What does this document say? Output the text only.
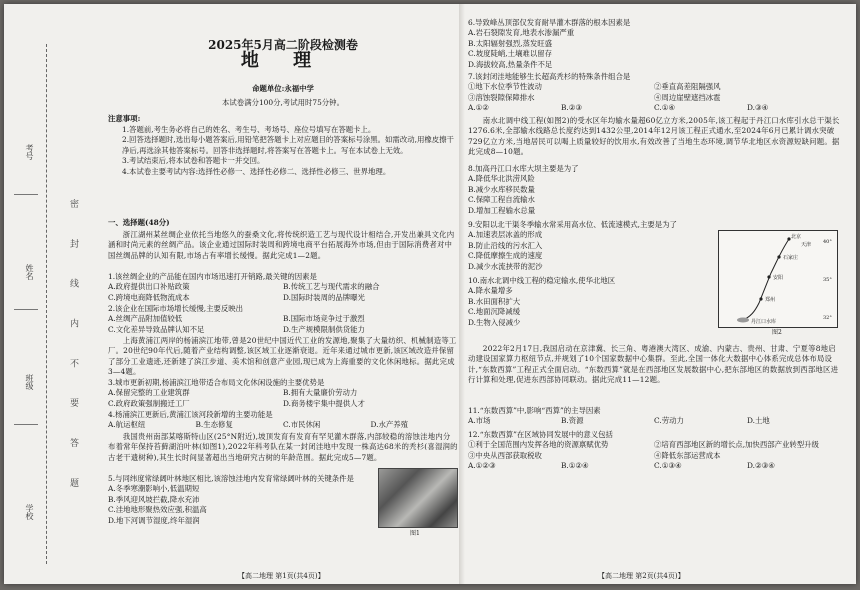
考号
姓名
班级
学校
密 封 线 内 不 要 答 题
2025年5月高二阶段检测卷
地 理
命题单位:永福中学
本试卷满分100分,考试用时75分钟。
注意事项:
1.答题前,考生务必将自己的姓名、考生号、考场号、座位号填写在答题卡上。
2.回答选择题时,选出每小题答案后,用铅笔把答题卡上对应题目的答案标号涂黑。如需改动,用橡皮擦干净后,再选涂其他答案标号。回答非选择题时,将答案写在答题卡上。写在本试卷上无效。
3.考试结束后,将本试卷和答题卡一并交回。
4.本试卷主要考试内容:选择性必修一、选择性必修二、选择性必修三、世界地理。
一、选择题(48分)
浙江湖州某丝绸企业依托当地悠久的蚕桑文化,将传统织造工艺与现代设计相结合,开发出兼具文化内涵和时尚元素的丝绸产品。该企业通过国际时装周和跨境电商平台拓展海外市场,但由于国际消费者对中国丝绸品牌的认知有限,市场占有率增长缓慢。据此完成1—2题。
1.该丝绸企业的产品能在国内市场迅速打开销路,最关键的因素是
A.政府提供出口补贴政策	B.传统工艺与现代需求的融合
C.跨境电商降低物流成本	D.国际时装周的品牌曝光
2.该企业在国际市场增长缓慢,主要反映出
A.丝绸产品附加值较低	B.国际市场竞争过于激烈
C.文化差异导致品牌认知不足	D.生产规模限制供货能力
上海黄浦江两岸的杨浦滨江地带,曾是20世纪中国近代工业的发源地,聚集了大量纺织、机械制造等工厂。20世纪90年代后,随着产业结构调整,该区域工业逐渐衰退。近年来通过城市更新,该区域改造并保留了部分工业遗迹,还新建了滨江步道、美术馆和创意产业园,现已成为上海重要的文化休闲地标。据此完成3—4题。
3.城市更新初期,杨浦滨江地带适合布局文化休闲设施的主要优势是
A.保留完整的工业建筑群	B.拥有大量廉价劳动力
C.政府政策强制搬迁工厂	D.商务楼宇集中提供人才
4.杨浦滨江更新后,黄浦江该河段新增的主要功能是
A.航运枢纽	B.生态修复	C.市民休闲	D.水产养殖
我国贵州南部某喀斯特山区(25°N附近),坡顶发育有发育有罕见灌木群落,内部较稳的溶蚀洼地内分布着常年保持苔藓湖泊叶林(如图1),2022年科考队在某一封闭洼地中发现一株高达68米的秃杉(喜湿润的古老干遗树种),其生长时间显著超出当地研究古树的年龄范围。据此完成5—7题。
5.与同纬度常绿阔叶林地区相比,该溶蚀洼地内发育常绿阔叶林的关键条件是
A.冬季寒潮影响小,低温期短
B.季风迎风坡拦截,降水充沛
C.洼地地形聚热效应强,积温高
D.地下河调节湿度,终年湿润
图1
【高二地理 第1页(共4页)】
6.导致峰丛顶部仅发育耐旱灌木群落的根本因素是
A.岩石裂隙发育,地表水渗漏严重
B.太阳辐射强烈,蒸发旺盛
C.坡度陡峭,土壤难以留存
D.海拔较高,热量条件不足
7.该封闭洼地能够生长超高秃杉的特殊条件组合是
①地下水位季节性波动	②垂直高差阻隔强风
③溶蚀裂隙保障排水	④周边崖壁遮挡冰雹
A.①②	B.②③	C.①④	D.③④
南水北调中线工程(如图2)的受水区年均输水量超60亿立方米,2005年,该工程起于丹江口水库引水总干渠长1276.6米,全部输水线路总长度约达到1432公里,2014年12月该工程正式通水,至2024年6月已累计调水突破729亿立方米,当地居民可以喝上质量较好的饮用水,有效改善了当地生态环境,调节华北地区水资源短缺问题。据此完成8—10题。
8.加高丹江口水库大坝主要是为了
A.降低华北洪涝风险
B.减少水库移民数量
C.保障工程自流输水
D.增加工程输水总量
9.安阳以北干渠冬季输水常采用高水位、低流速模式,主要是为了
A.加速表层冰盖的形成
B.防止沿线的污水汇入
C.降低摩擦生成的速度
D.减少水流挟带的泥沙
10.南水北调中线工程的稳定输水,使华北地区
A.降水量增多
B.水田面积扩大
C.地面沉降减缓
D.生物入侵减少
北京
天津
石家庄
安阳
郑州
丹江口水库
40°
35°
32°
图2
2022年2月17日,我国启动在京津冀、长三角、粤港澳大湾区、成渝、内蒙古、贵州、甘肃、宁夏等8地启动建设国家算力枢纽节点,并规划了10个国家数据中心集群。至此,全国一体化大数据中心体系完成总体布局设计,“东数西算”工程正式全面启动。“东数西算”就是在西部地区发展数据中心,把东部地区的数据放到西部地区进行计算和处理,促进东西部协同联动。据此完成11—12题。
11.“东数西算”中,影响“西算”的主导因素
A.市场	B.资源	C.劳动力	D.土地
12.“东数西算”在区域协同发展中的意义包括
①利于全国范围内发挥各地的资源禀赋优势	②培育西部地区新的增长点,加快西部产业转型升级
③中央从西部获取税收	④降低东部运营成本
A.①②③	B.①②④	C.①③④	D.②③④
【高二地理 第2页(共4页)】
